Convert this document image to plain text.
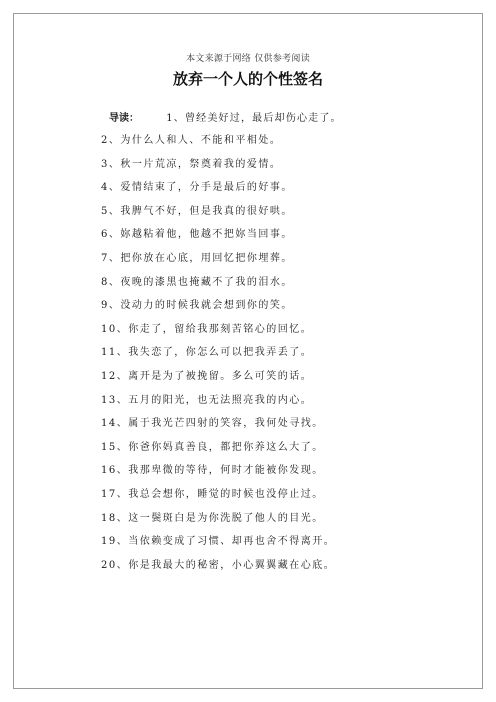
本文来源于网络 仅供参考阅读
放弃一个人的个性签名
导读：	1、曾经美好过，最后却伤心走了。
2、为什么人和人、不能和平相处。
3、秋一片荒凉，祭奠着我的爱情。
4、爱情结束了，分手是最后的好事。
5、我脾气不好，但是我真的很好哄。
6、妳越粘着他，他越不把妳当回事。
7、把你放在心底，用回忆把你埋葬。
8、夜晚的漆黑也掩藏不了我的泪水。
9、没动力的时候我就会想到你的笑。
10、你走了，留给我那刻苦铭心的回忆。
11、我失恋了，你怎么可以把我弄丢了。
12、离开是为了被挽留。多么可笑的话。
13、五月的阳光，也无法照亮我的内心。
14、属于我光芒四射的笑容，我何处寻找。
15、你爸你妈真善良，都把你养这么大了。
16、我那卑微的等待，何时才能被你发现。
17、我总会想你，睡觉的时候也没停止过。
18、这一鬓斑白是为你洗脱了他人的目光。
19、当依赖变成了习惯、却再也舍不得离开。
20、你是我最大的秘密，小心翼翼藏在心底。
